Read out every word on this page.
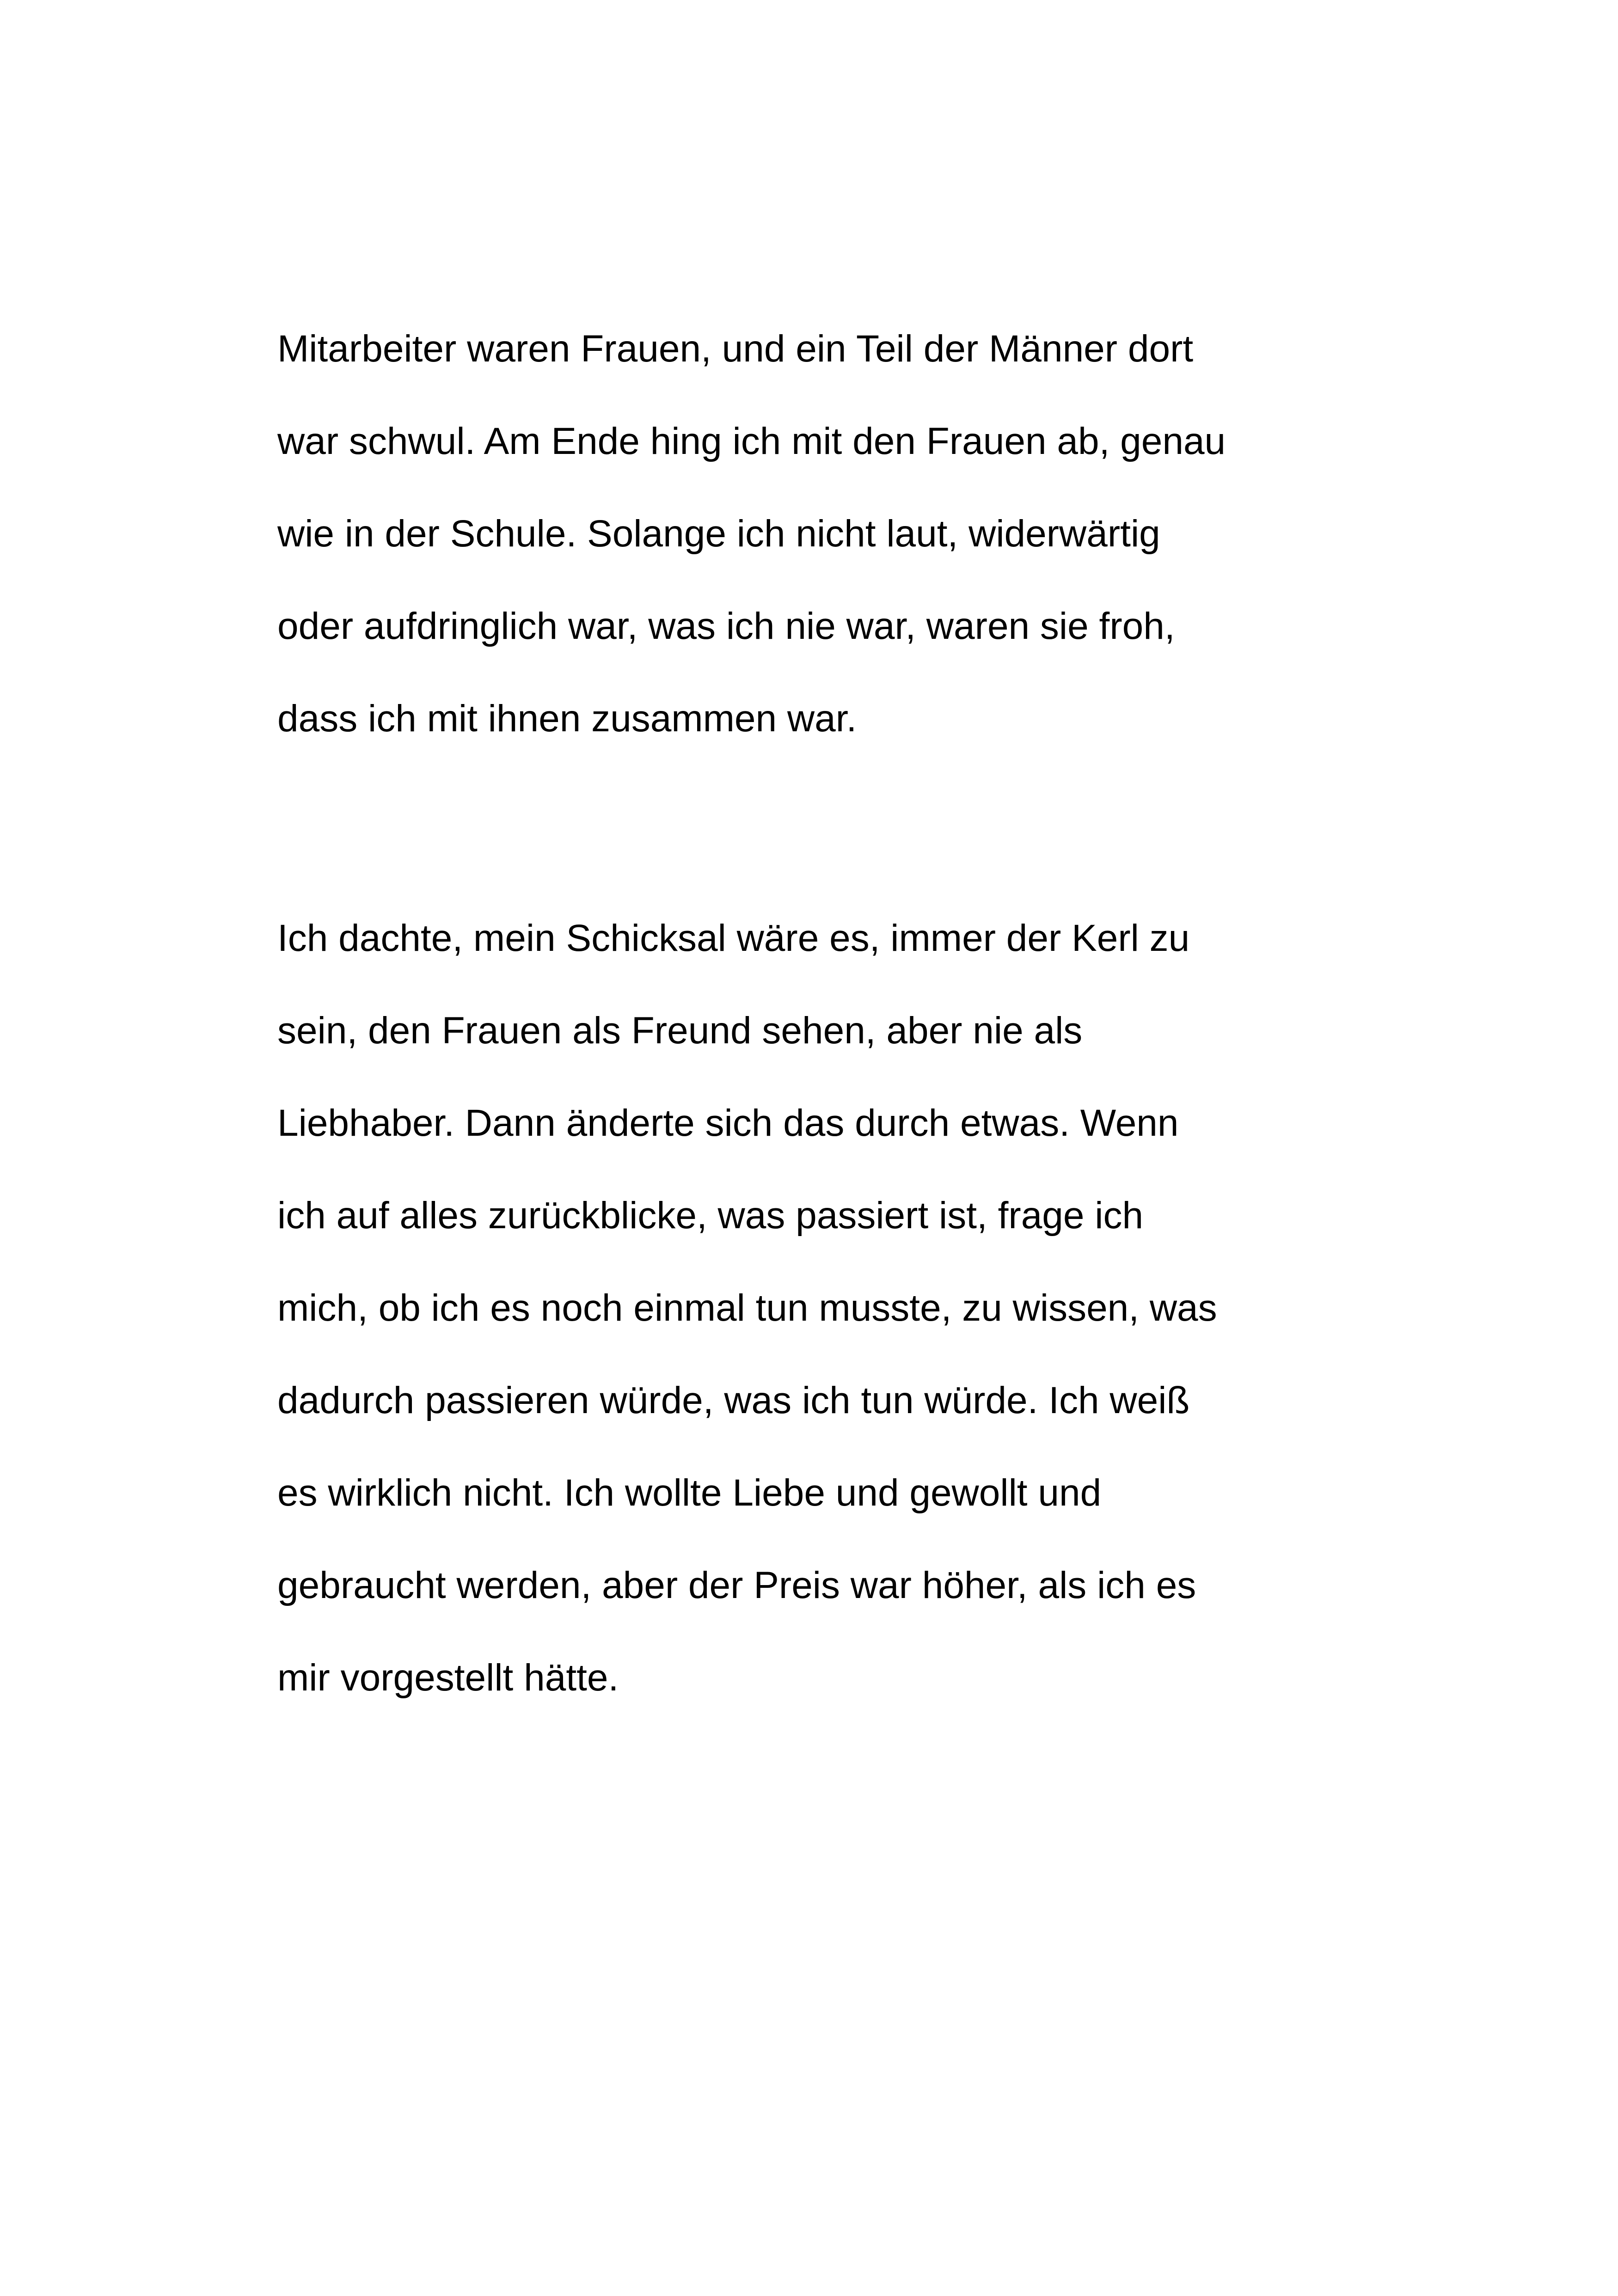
Mitarbeiter waren Frauen, und ein Teil der Männer dort
war schwul. Am Ende hing ich mit den Frauen ab, genau
wie in der Schule. Solange ich nicht laut, widerwärtig
oder aufdringlich war, was ich nie war, waren sie froh,
dass ich mit ihnen zusammen war.
Ich dachte, mein Schicksal wäre es, immer der Kerl zu
sein, den Frauen als Freund sehen, aber nie als
Liebhaber. Dann änderte sich das durch etwas. Wenn
ich auf alles zurückblicke, was passiert ist, frage ich
mich, ob ich es noch einmal tun musste, zu wissen, was
dadurch passieren würde, was ich tun würde. Ich weiß
es wirklich nicht. Ich wollte Liebe und gewollt und
gebraucht werden, aber der Preis war höher, als ich es
mir vorgestellt hätte.
